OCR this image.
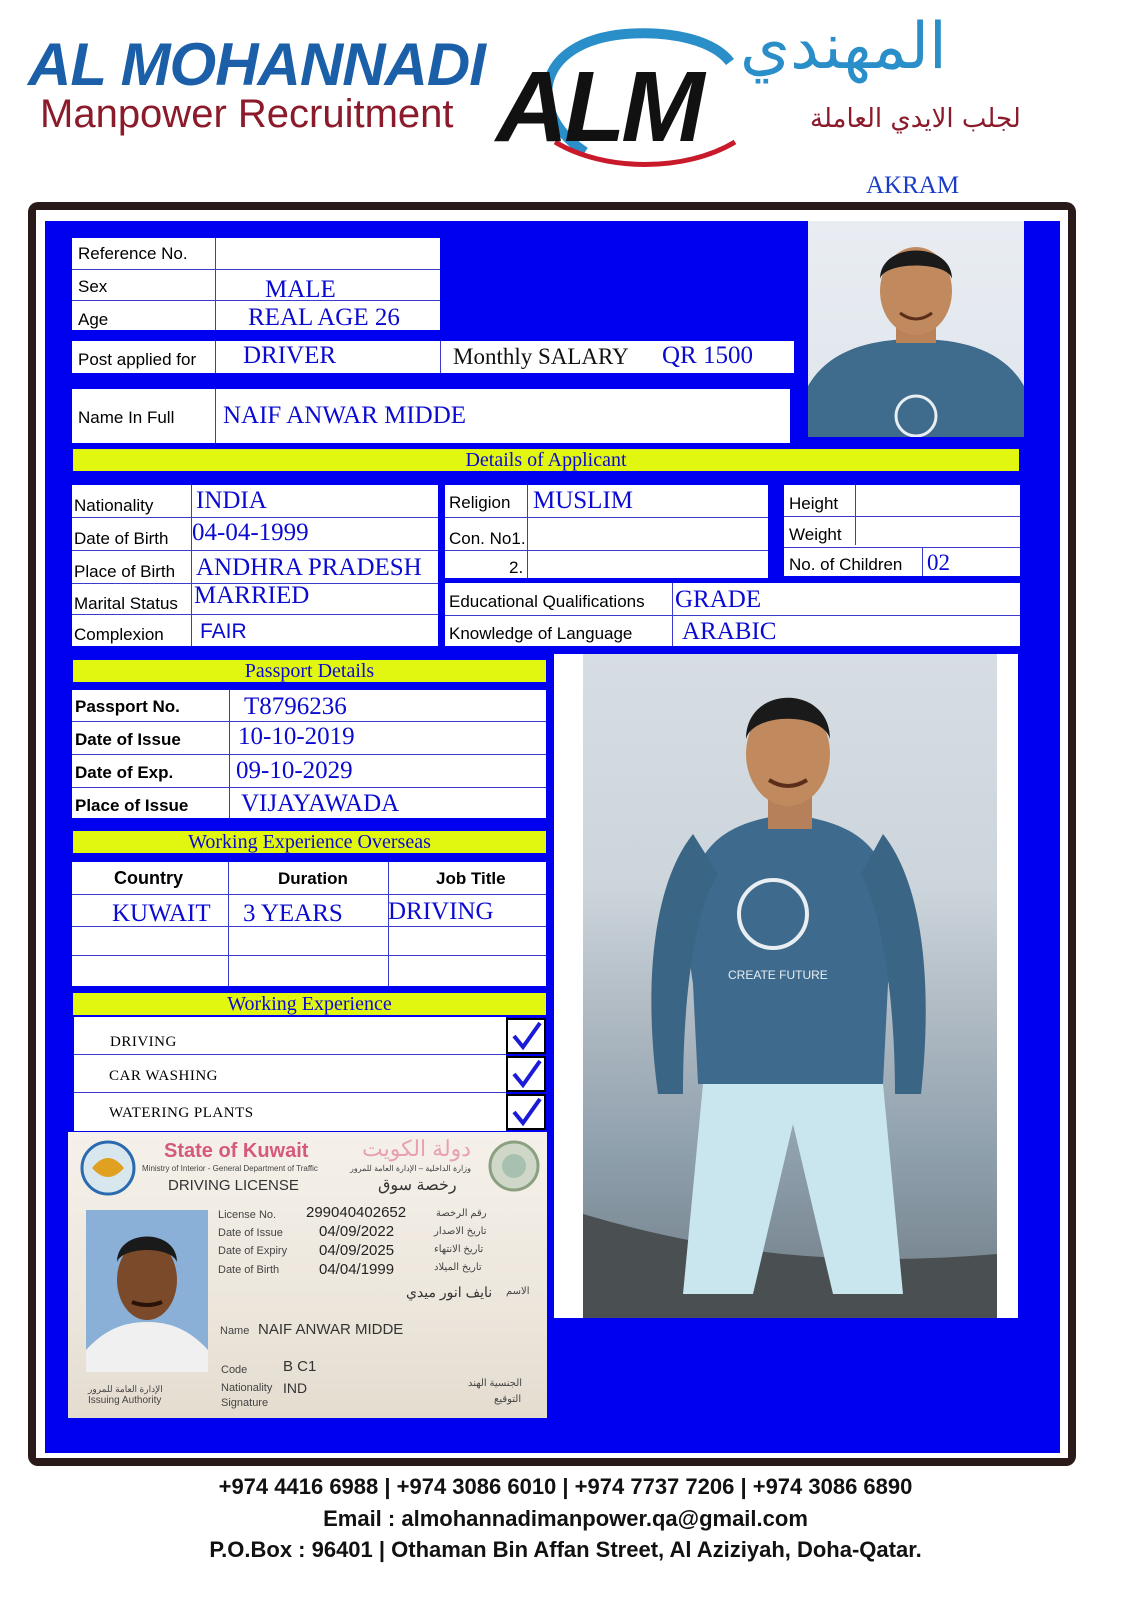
AL MOHANNADI
Manpower Recruitment ALM
المهندي
لجلب الايدي العاملة
AKRAM
Reference No.
Sex	MALE
Age	REAL AGE 26
Post applied for DRIVER	Monthly SALARY QR 1500
Name In Full NAIF ANWAR MIDDE
Details of Applicant
Nationality INDIA
Date of Birth 04-04-1999
Place of Birth ANDHRA PRADESH
Marital Status MARRIED
Complexion FAIR
Religion MUSLIM
Con. No1.
2.
Height
Weight
No. of Children 02
Educational Qualifications GRADE
Knowledge of Language ARABIC
Passport Details
Passport No.	T8796236
Date of Issue 10-10-2019
Date of Exp.	09-10-2029
Place of Issue VIJAYAWADA
Working Experience Overseas
Country	Duration	Job Title
KUWAIT 3 YEARS DRIVING
Working Experience
DRIVING
CAR WASHING
WATERING PLANTS
CREATE FUTURE
State of Kuwait دولة الكويت
Ministry of Interior - General Department of Traffic	وزارة الداخلية – الإدارة العامة للمرور
DRIVING LICENSE	رخصة سوق
License No. 299040402652	رقم الرخصة
Date of Issue 04/09/2022	تاريخ الاصدار
Date of Expiry 04/09/2025	تاريخ الانتهاء
Date of Birth	04/04/1999	تاريخ الميلاد
نايف انور ميدي الاسم
Name NAIF ANWAR MIDDE
Code B C1
Nationality IND	الجنسية الهند
Signature	التوقيع
الإدارة العامة للمرور
Issuing Authority
+974 4416 6988 | +974 3086 6010 | +974 7737 7206 | +974 3086 6890
Email : almohannadimanpower.qa@gmail.com
P.O.Box : 96401 | Othaman Bin Affan Street, Al Aziziyah, Doha-Qatar.
